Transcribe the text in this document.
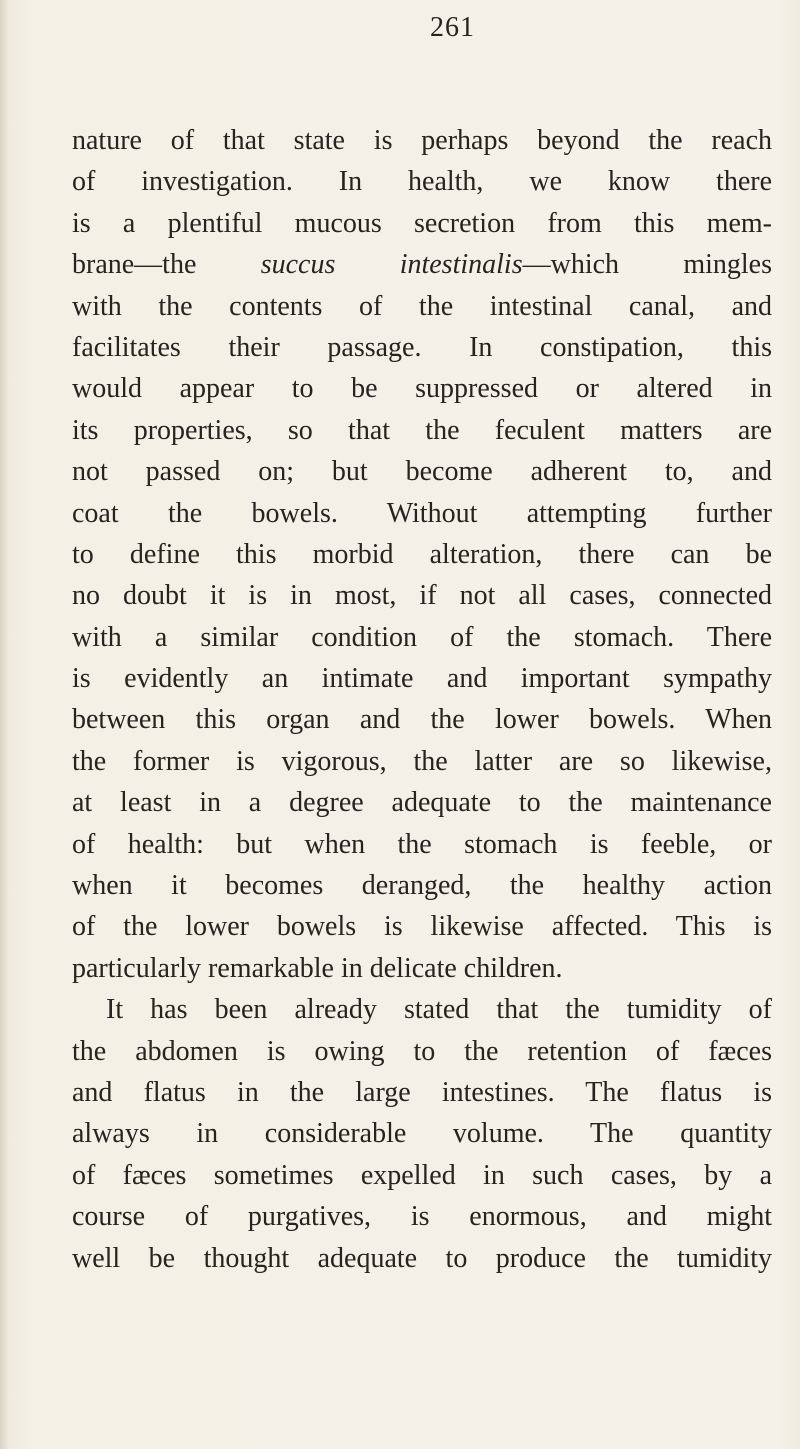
261
nature of that state is perhaps beyond the reach
of investigation. In health, we know there
is a plentiful mucous secretion from this mem-
brane—the succus intestinalis—which mingles
with the contents of the intestinal canal, and
facilitates their passage. In constipation, this
would appear to be suppressed or altered in
its properties, so that the feculent matters are
not passed on; but become adherent to, and
coat the bowels. Without attempting further
to define this morbid alteration, there can be
no doubt it is in most, if not all cases, connected
with a similar condition of the stomach. There
is evidently an intimate and important sympathy
between this organ and the lower bowels. When
the former is vigorous, the latter are so likewise,
at least in a degree adequate to the maintenance
of health: but when the stomach is feeble, or
when it becomes deranged, the healthy action
of the lower bowels is likewise affected. This is
particularly remarkable in delicate children.
It has been already stated that the tumidity of
the abdomen is owing to the retention of fæces
and flatus in the large intestines. The flatus is
always in considerable volume. The quantity
of fæces sometimes expelled in such cases, by a
course of purgatives, is enormous, and might
well be thought adequate to produce the tumidity
